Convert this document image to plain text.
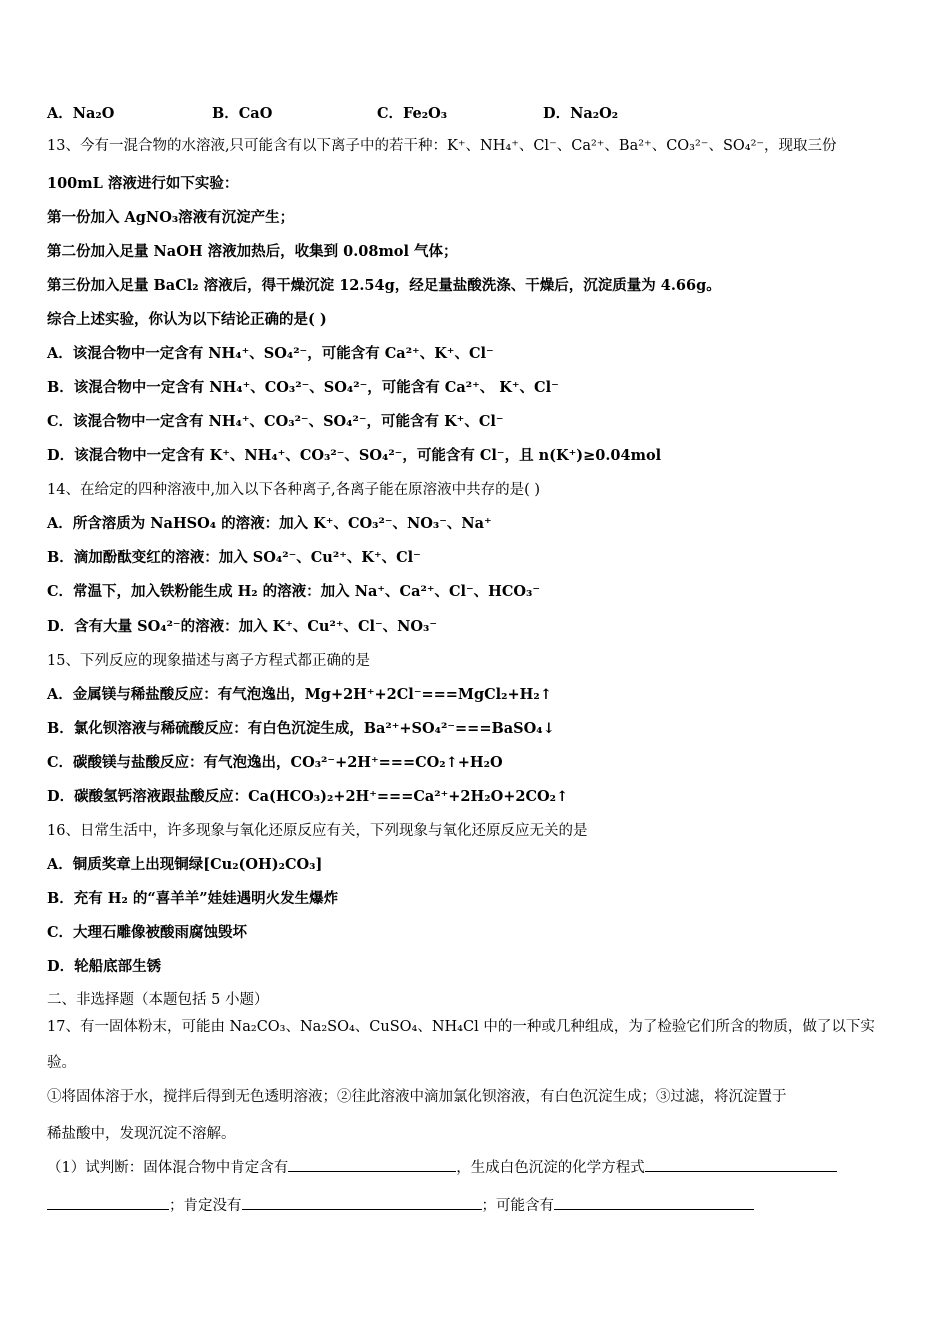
A．Na₂O	B．CaO	C．Fe₂O₃	D．Na₂O₂
13、今有一混合物的水溶液,只可能含有以下离子中的若干种：K⁺、NH₄⁺、Cl⁻、Ca²⁺、Ba²⁺、CO₃²⁻、SO₄²⁻，现取三份
100mL 溶液进行如下实验：
第一份加入 AgNO₃溶液有沉淀产生；
第二份加入足量 NaOH 溶液加热后，收集到 0.08mol 气体；
第三份加入足量 BaCl₂ 溶液后，得干燥沉淀 12.54g，经足量盐酸洗涤、干燥后，沉淀质量为 4.66g。
综合上述实验，你认为以下结论正确的是( )
A．该混合物中一定含有 NH₄⁺、SO₄²⁻，可能含有 Ca²⁺、K⁺、Cl⁻
B．该混合物中一定含有 NH₄⁺、CO₃²⁻、SO₄²⁻，可能含有 Ca²⁺、 K⁺、Cl⁻
C．该混合物中一定含有 NH₄⁺、CO₃²⁻、SO₄²⁻，可能含有 K⁺、Cl⁻
D．该混合物中一定含有 K⁺、NH₄⁺、CO₃²⁻、SO₄²⁻，可能含有 Cl⁻，且 n(K⁺)≥0.04mol
14、在给定的四种溶液中,加入以下各种离子,各离子能在原溶液中共存的是( )
A．所含溶质为 NaHSO₄ 的溶液：加入 K⁺、CO₃²⁻、NO₃⁻、Na⁺
B．滴加酚酞变红的溶液：加入 SO₄²⁻、Cu²⁺、K⁺、Cl⁻
C．常温下，加入铁粉能生成 H₂ 的溶液：加入 Na⁺、Ca²⁺、Cl⁻、HCO₃⁻
D．含有大量 SO₄²⁻的溶液：加入 K⁺、Cu²⁺、Cl⁻、NO₃⁻
15、下列反应的现象描述与离子方程式都正确的是
A．金属镁与稀盐酸反应：有气泡逸出，Mg+2H⁺+2Cl⁻===MgCl₂+H₂↑
B．氯化钡溶液与稀硫酸反应：有白色沉淀生成，Ba²⁺+SO₄²⁻===BaSO₄↓
C．碳酸镁与盐酸反应：有气泡逸出，CO₃²⁻+2H⁺===CO₂↑+H₂O
D．碳酸氢钙溶液跟盐酸反应：Ca(HCO₃)₂+2H⁺===Ca²⁺+2H₂O+2CO₂↑
16、日常生活中，许多现象与氧化还原反应有关，下列现象与氧化还原反应无关的是
A．铜质奖章上出现铜绿[Cu₂(OH)₂CO₃]
B．充有 H₂ 的“喜羊羊”娃娃遇明火发生爆炸
C．大理石雕像被酸雨腐蚀毁坏
D．轮船底部生锈
二、非选择题（本题包括 5 小题）
17、有一固体粉末，可能由 Na₂CO₃、Na₂SO₄、CuSO₄、NH₄Cl 中的一种或几种组成，为了检验它们所含的物质，做了以下实
验。
①将固体溶于水，搅拌后得到无色透明溶液；②往此溶液中滴加氯化钡溶液，有白色沉淀生成；③过滤，将沉淀置于
稀盐酸中，发现沉淀不溶解。
（1）试判断：固体混合物中肯定含有	，生成白色沉淀的化学方程式
；肯定没有	；可能含有
